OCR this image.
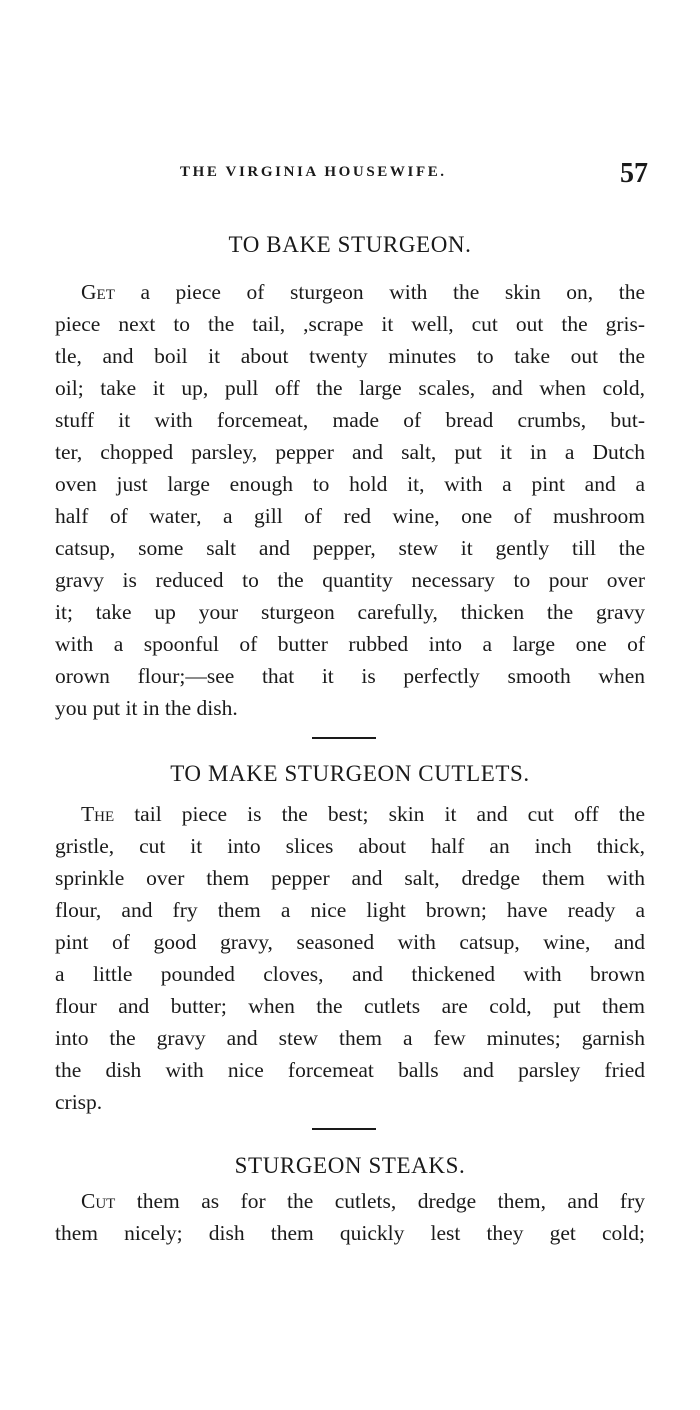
THE VIRGINIA HOUSEWIFE.	57
TO BAKE STURGEON.
Get a piece of sturgeon with the skin on, the
piece next to the tail, ,scrape it well, cut out the gris-
tle, and boil it about twenty minutes to take out the
oil; take it up, pull off the large scales, and when cold,
stuff it with forcemeat, made of bread crumbs, but-
ter, chopped parsley, pepper and salt, put it in a Dutch
oven just large enough to hold it, with a pint and a
half of water, a gill of red wine, one of mushroom
catsup, some salt and pepper, stew it gently till the
gravy is reduced to the quantity necessary to pour over
it; take up your sturgeon carefully, thicken the gravy
with a spoonful of butter rubbed into a large one of
orown flour;—see that it is perfectly smooth when
you put it in the dish.
TO MAKE STURGEON CUTLETS.
The tail piece is the best; skin it and cut off the
gristle, cut it into slices about half an inch thick,
sprinkle over them pepper and salt, dredge them with
flour, and fry them a nice light brown; have ready a
pint of good gravy, seasoned with catsup, wine, and
a little pounded cloves, and thickened with brown
flour and butter; when the cutlets are cold, put them
into the gravy and stew them a few minutes; garnish
the dish with nice forcemeat balls and parsley fried
crisp.
STURGEON STEAKS.
Cut them as for the cutlets, dredge them, and fry
them nicely; dish them quickly lest they get cold;
